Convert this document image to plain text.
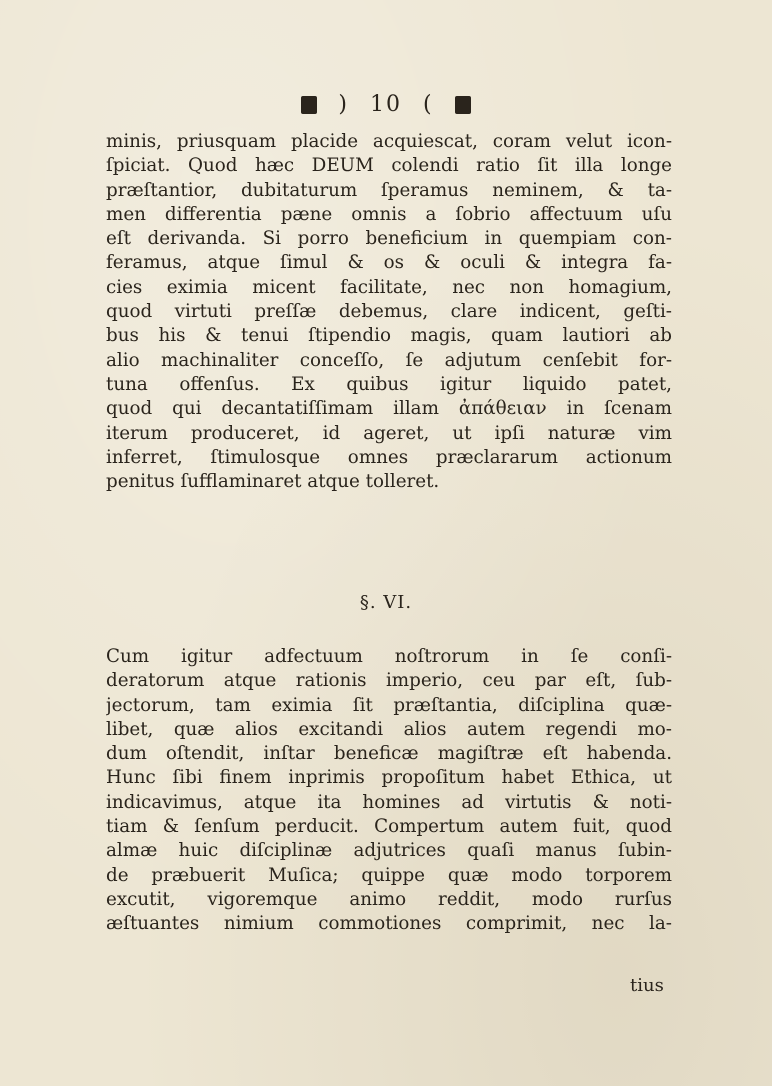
) 10 (
minis, priusquam placide acquiescat, coram velut icon-
ſpiciat. Quod hæc DEUM colendi ratio ſit illa longe
præſtantior, dubitaturum ſperamus neminem, & ta-
men differentia pæne omnis a ſobrio affectuum uſu
eſt derivanda. Si porro beneficium in quempiam con-
feramus, atque ſimul & os & oculi & integra fa-
cies eximia micent facilitate, nec non homagium,
quod virtuti preſſæ debemus, clare indicent, geſti-
bus his & tenui ſtipendio magis, quam lautiori ab
alio machinaliter conceſſo, ſe adjutum cenſebit for-
tuna offenſus. Ex quibus igitur liquido patet,
quod qui decantatiſſimam illam ἀπάθειαν in ſcenam
iterum produceret, id ageret, ut ipſi naturæ vim
inferret, ſtimulosque omnes præclararum actionum
penitus ſufflaminaret atque tolleret.
§. VI.
Cum igitur adfectuum noſtrorum in ſe conſi-
deratorum atque rationis imperio, ceu par eſt, ſub-
jectorum, tam eximia ſit præſtantia, diſciplina quæ-
libet, quæ alios excitandi alios autem regendi mo-
dum oſtendit, inſtar beneficæ magiſtræ eſt habenda.
Hunc ſibi finem inprimis propoſitum habet Ethica, ut
indicavimus, atque ita homines ad virtutis & noti-
tiam & ſenſum perducit. Compertum autem fuit, quod
almæ huic diſciplinæ adjutrices quaſi manus ſubin-
de præbuerit Muſica; quippe quæ modo torporem
excutit, vigoremque animo reddit, modo rurſus
æſtuantes nimium commotiones comprimit, nec la-
tius
